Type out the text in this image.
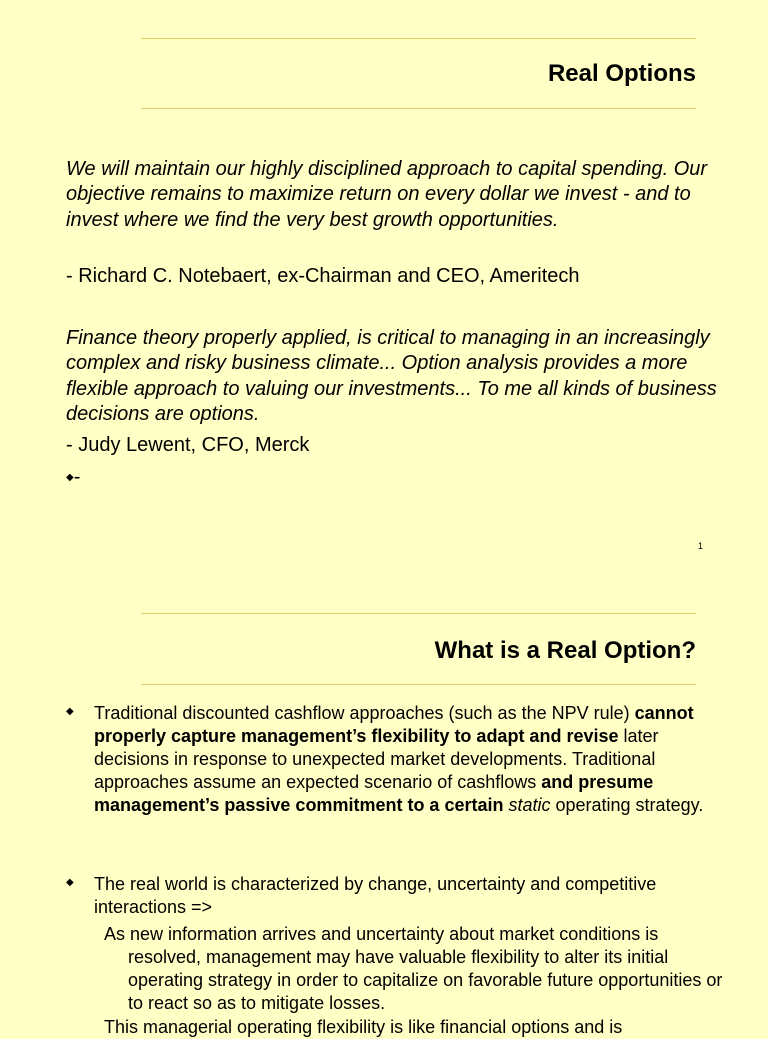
Real Options

We will maintain our highly disciplined approach to capital spending. Our objective remains to maximize return on every dollar we invest - and to invest where we find the very best growth opportunities.

- Richard C. Notebaert, ex-Chairman and CEO, Ameritech

Finance theory properly applied, is critical to managing in an increasingly complex and risky business climate... Option analysis provides a more flexible approach to valuing our investments... To me all kinds of business decisions are options.

- Judy Lewent, CFO, Merck
◆-
1
What is a Real Option?
◆ Traditional discounted cashflow approaches (such as the NPV rule) cannot properly capture management’s flexibility to adapt and revise later decisions in response to unexpected market developments. Traditional approaches assume an expected scenario of cashflows and presume management’s passive commitment to a certain static operating strategy.

◆ The real world is characterized by change, uncertainty and competitive interactions =>

As new information arrives and uncertainty about market conditions is resolved, management may have valuable flexibility to alter its initial operating strategy in order to capitalize on favorable future opportunities or to react so as to mitigate losses.

This managerial operating flexibility is like financial options and is
